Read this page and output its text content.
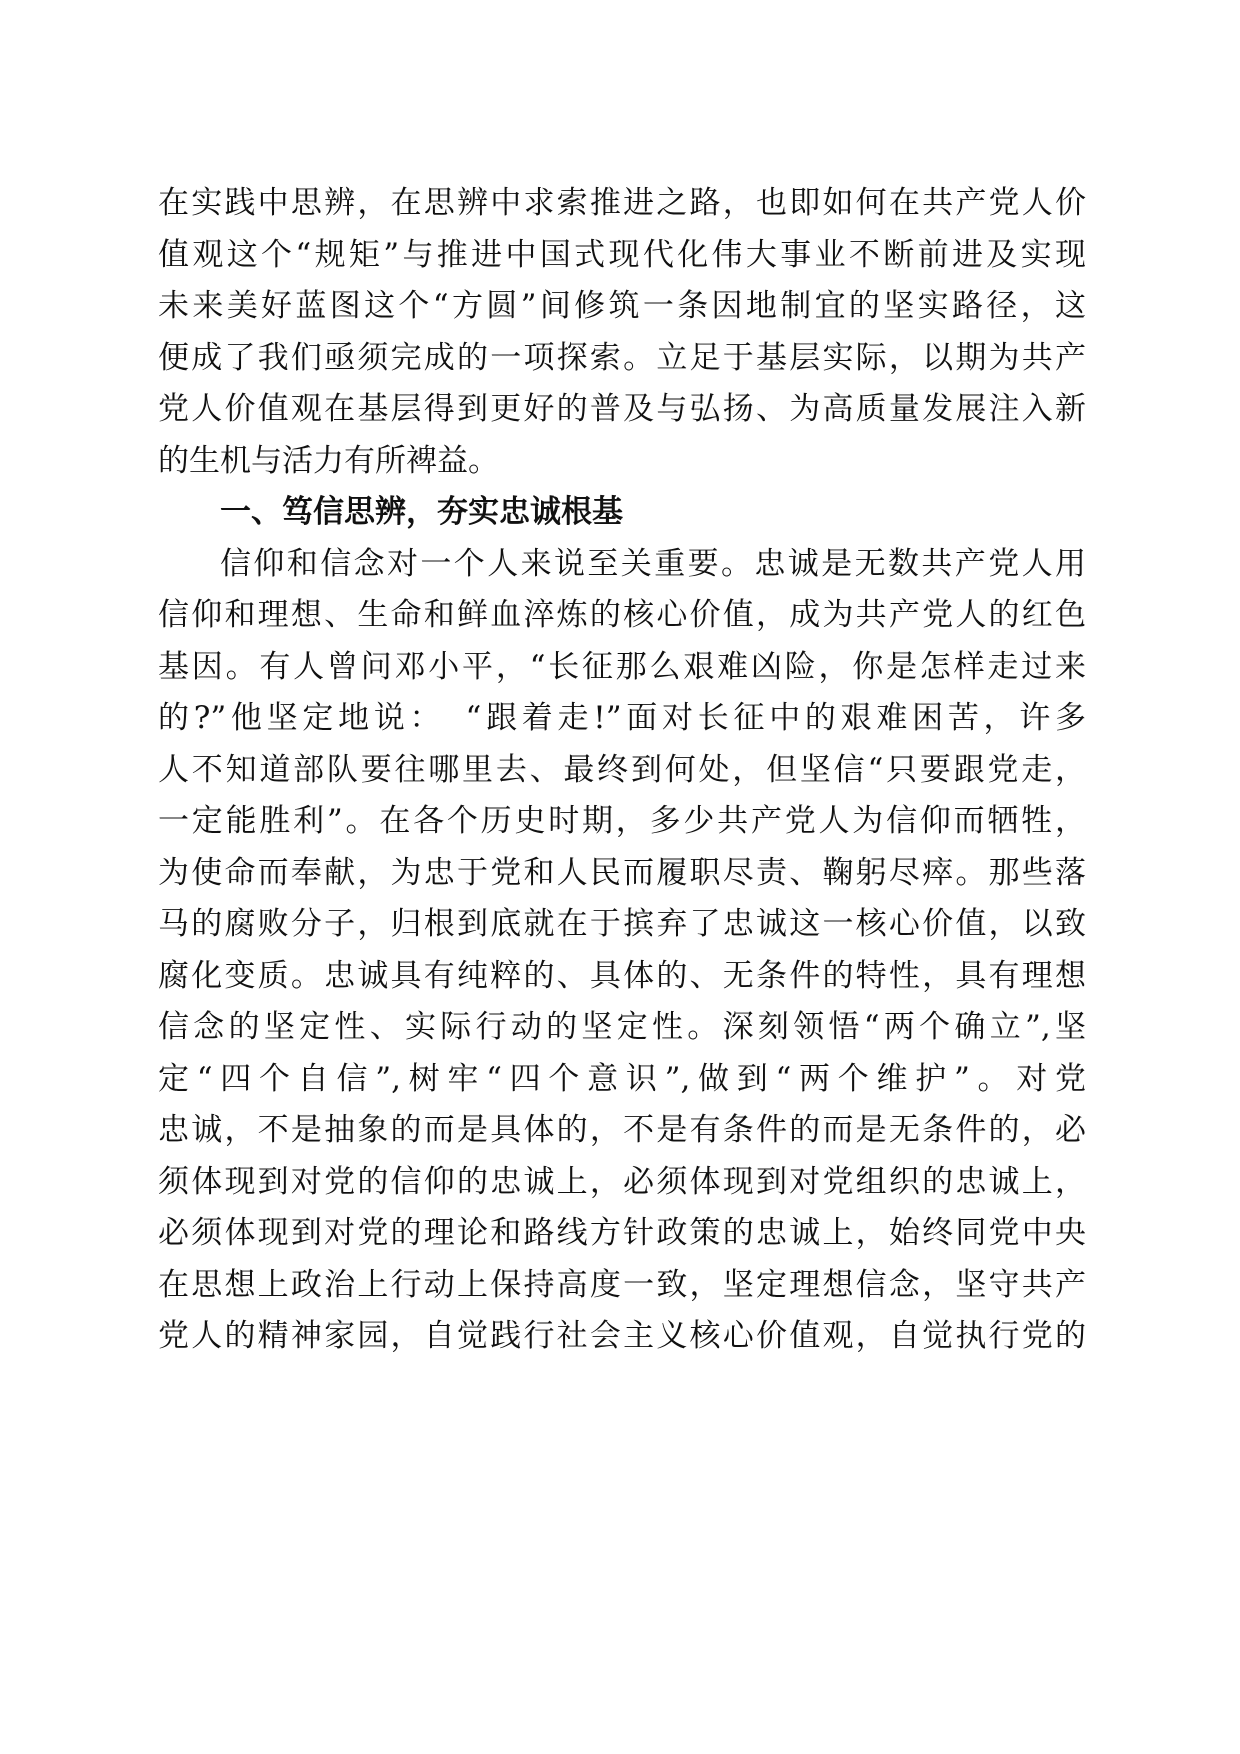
在实践中思辨，在思辨中求索推进之路，也即如何在共产党人价
值观这个“规矩”与推进中国式现代化伟大事业不断前进及实现
未来美好蓝图这个“方圆”间修筑一条因地制宜的坚实路径，这
便成了我们亟须完成的一项探索。立足于基层实际，以期为共产
党人价值观在基层得到更好的普及与弘扬、为高质量发展注入新
的生机与活力有所裨益。
一、笃信思辨，夯实忠诚根基
信仰和信念对一个人来说至关重要。忠诚是无数共产党人用
信仰和理想、生命和鲜血淬炼的核心价值，成为共产党人的红色
基因。有人曾问邓小平，“长征那么艰难凶险，你是怎样走过来
的?”他坚定地说：　“跟着走!”面对长征中的艰难困苦，许多
人不知道部队要往哪里去、最终到何处，但坚信“只要跟党走，
一定能胜利”。在各个历史时期，多少共产党人为信仰而牺牲，
为使命而奉献，为忠于党和人民而履职尽责、鞠躬尽瘁。那些落
马的腐败分子，归根到底就在于摈弃了忠诚这一核心价值，以致
腐化变质。忠诚具有纯粹的、具体的、无条件的特性，具有理想
信念的坚定性、实际行动的坚定性。深刻领悟“两个确立”,坚
定“四个自信”,树牢“四个意识”,做到“两个维护”。对党
忠诚，不是抽象的而是具体的，不是有条件的而是无条件的，必
须体现到对党的信仰的忠诚上，必须体现到对党组织的忠诚上，
必须体现到对党的理论和路线方针政策的忠诚上，始终同党中央
在思想上政治上行动上保持高度一致，坚定理想信念，坚守共产
党人的精神家园，自觉践行社会主义核心价值观，自觉执行党的
